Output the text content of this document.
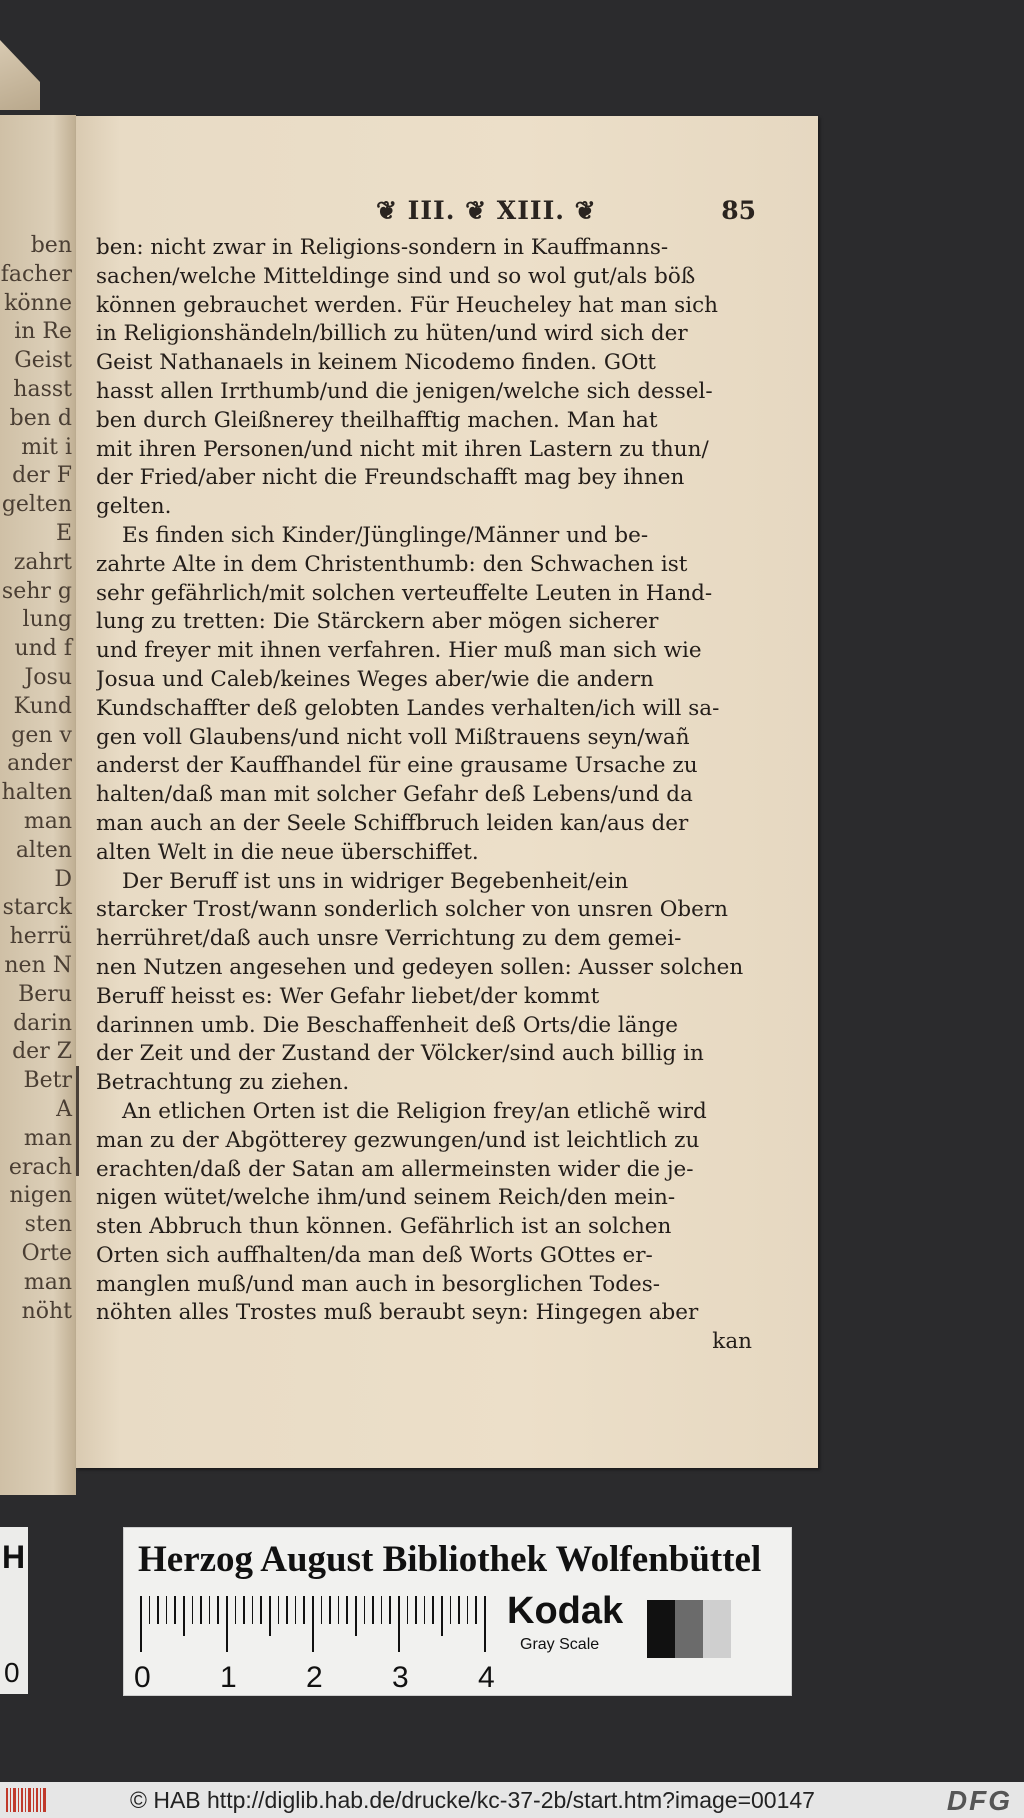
ben
facher
könne
in Re
Geist
hasst
ben d
mit i
der F
gelten
E
zahrt
sehr g
lung
und f
Josu
Kund
gen v
ander
halten
man
alten
D
starck
herrü
nen N
Beru
darin
der Z
Betr
A
man
erach
nigen
sten
Orte
man
nöht
❦ III. ❦ XIII. ❦	85
ben: nicht zwar in Religions-sondern in Kauffmanns-
sachen/welche Mitteldinge sind und so wol gut/als böß
können gebrauchet werden. Für Heucheley hat man sich
in Religionshändeln/billich zu hüten/und wird sich der
Geist Nathanaels in keinem Nicodemo finden. GOtt
hasst allen Irrthumb/und die jenigen/welche sich dessel-
ben durch Gleißnerey theilhafftig machen. Man hat
mit ihren Personen/und nicht mit ihren Lastern zu thun/
der Fried/aber nicht die Freundschafft mag bey ihnen
gelten.
Es finden sich Kinder/Jünglinge/Männer und be-
zahrte Alte in dem Christenthumb: den Schwachen ist
sehr gefährlich/mit solchen verteuffelte Leuten in Hand-
lung zu tretten: Die Stärckern aber mögen sicherer
und freyer mit ihnen verfahren. Hier muß man sich wie
Josua und Caleb/keines Weges aber/wie die andern
Kundschaffter deß gelobten Landes verhalten/ich will sa-
gen voll Glaubens/und nicht voll Mißtrauens seyn/wañ
anderst der Kauffhandel für eine grausame Ursache zu
halten/daß man mit solcher Gefahr deß Lebens/und da
man auch an der Seele Schiffbruch leiden kan/aus der
alten Welt in die neue überschiffet.
Der Beruff ist uns in widriger Begebenheit/ein
starcker Trost/wann sonderlich solcher von unsren Obern
herrühret/daß auch unsre Verrichtung zu dem gemei-
nen Nutzen angesehen und gedeyen sollen: Ausser solchen
Beruff heisst es: Wer Gefahr liebet/der kommt
darinnen umb. Die Beschaffenheit deß Orts/die länge
der Zeit und der Zustand der Völcker/sind auch billig in
Betrachtung zu ziehen.
An etlichen Orten ist die Religion frey/an etlichẽ wird
man zu der Abgötterey gezwungen/und ist leichtlich zu
erachten/daß der Satan am allermeinsten wider die je-
nigen wütet/welche ihm/und seinem Reich/den mein-
sten Abbruch thun können. Gefährlich ist an solchen
Orten sich auffhalten/da man deß Worts GOttes er-
manglen muß/und man auch in besorglichen Todes-
nöhten alles Trostes muß beraubt seyn: Hingegen aber
kan
H
0
Herzog August Bibliothek Wolfenbüttel
0 1 2 3 4
Kodak
Gray Scale
© HAB http://diglib.hab.de/drucke/kc-37-2b/start.htm?image=00147	DFG
